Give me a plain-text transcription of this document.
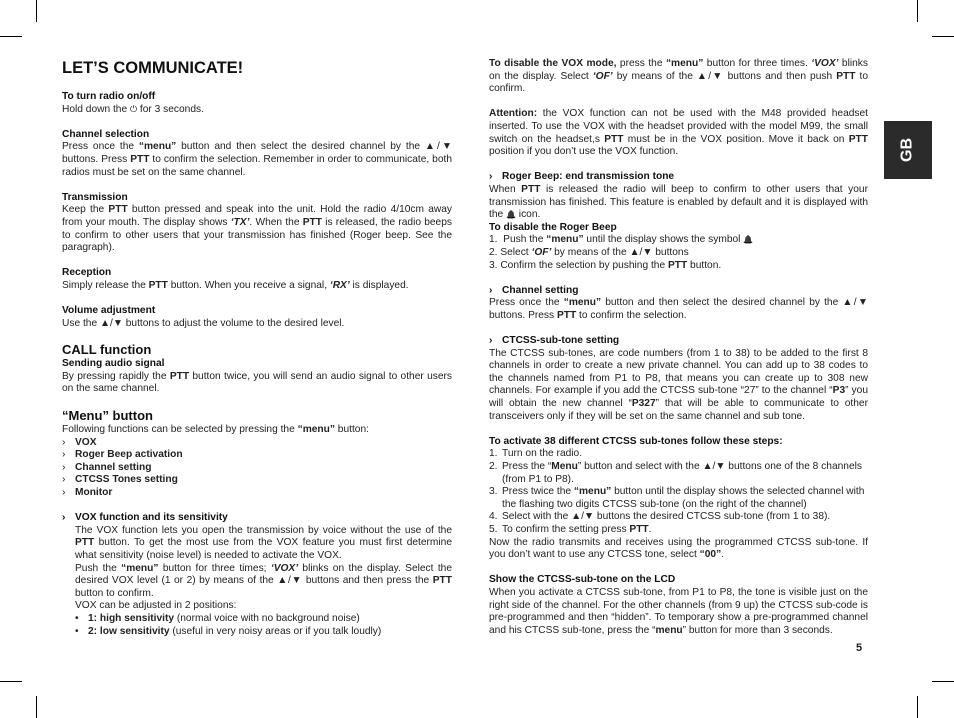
GB
LET’S COMMUNICATE!
To turn radio on/off

Hold down the ⏻ for 3 seconds.

Channel selection

Press once the “menu” button and then select the desired channel by the ▲/▼ buttons. Press PTT to confirm the selection. Remember in order to communicate, both radios must be set on the same channel.

Transmission

Keep the PTT button pressed and speak into the unit. Hold the radio 4/10cm away from your mouth. The display shows ‘TX’. When the PTT is released, the radio beeps to confirm to other users that your transmission has finished (Roger beep. See the paragraph).

Reception

Simply release the PTT button. When you receive a signal, ‘RX’ is displayed.

Volume adjustment

Use the ▲/▼ buttons to adjust the volume to the desired level.

CALL function
Sending audio signal

By pressing rapidly the PTT button twice, you will send an audio signal to other users on the same channel.

“Menu” button

Following functions can be selected by pressing the “menu” button:

› VOX
› Roger Beep activation
› Channel setting
› CTCSS Tones setting
› Monitor
› VOX function and its sensitivity

The VOX function lets you open the transmission by voice without the use of the PTT button. To get the most use from the VOX feature you must first determine what sensitivity (noise level) is needed to activate the VOX.

Push the “menu” button for three times; ‘VOX’ blinks on the display. Select the desired VOX level (1 or 2) by means of the ▲/▼ buttons and then press the PTT button to confirm.

VOX can be adjusted in 2 positions:

• 1: high sensitivity (normal voice with no background noise)
• 2: low sensitivity (useful in very noisy areas or if you talk loudly)

To disable the VOX mode, press the “menu” button for three times. ‘VOX’ blinks on the display. Select ‘OF’ by means of the ▲/▼ buttons and then push PTT to confirm.

Attention: the VOX function can not be used with the M48 provided headset inserted. To use the VOX with the headset provided with the model M99, the small switch on the headset,s PTT must be in the VOX position. Move it back on PTT position if you don’t use the VOX function.

› Roger Beep: end transmission tone

When PTT is released the radio will beep to confirm to other users that your transmission has finished. This feature is enabled by default and it is displayed with the 🔔 icon.

To disable the Roger Beep

1. Push the “menu” until the display shows the symbol 🔔

2. Select ‘OF’ by means of the ▲/▼ buttons

3. Confirm the selection by pushing the PTT button.

› Channel setting

Press once the “menu” button and then select the desired channel by the ▲/▼ buttons. Press PTT to confirm the selection.

› CTCSS-sub-tone setting

The CTCSS sub-tones, are code numbers (from 1 to 38) to be added to the first 8 channels in order to create a new private channel. You can add up to 38 codes to the channels named from P1 to P8, that means you can create up to 308 new channels. For example if you add the CTCSS sub-tone “27” to the channel “P3” you will obtain the new channel “P327” that will be able to communicate to other transceivers only if they will be set on the same channel and sub tone.

To activate 38 different CTCSS sub-tones follow these steps:
1. Turn on the radio.
2. Press the “Menu” button and select with the ▲/▼ buttons one of the 8 channels (from P1 to P8).
3. Press twice the “menu” button until the display shows the selected channel with the flashing two digits CTCSS sub-tone (on the right of the channel)
4. Select with the ▲/▼ buttons the desired CTCSS sub-tone (from 1 to 38).
5. To confirm the setting press PTT.

Now the radio transmits and receives using the programmed CTCSS sub-tone. If you don’t want to use any CTCSS tone, select “00”.

Show the CTCSS-sub-tone on the LCD

When you activate a CTCSS sub-tone, from P1 to P8, the tone is visible just on the right side of the channel. For the other channels (from 9 up) the CTCSS sub-code is pre-programmed and then “hidden”. To temporary show a pre-programmed channel and his CTCSS sub-tone, press the “menu” button for more than 3 seconds.

5
